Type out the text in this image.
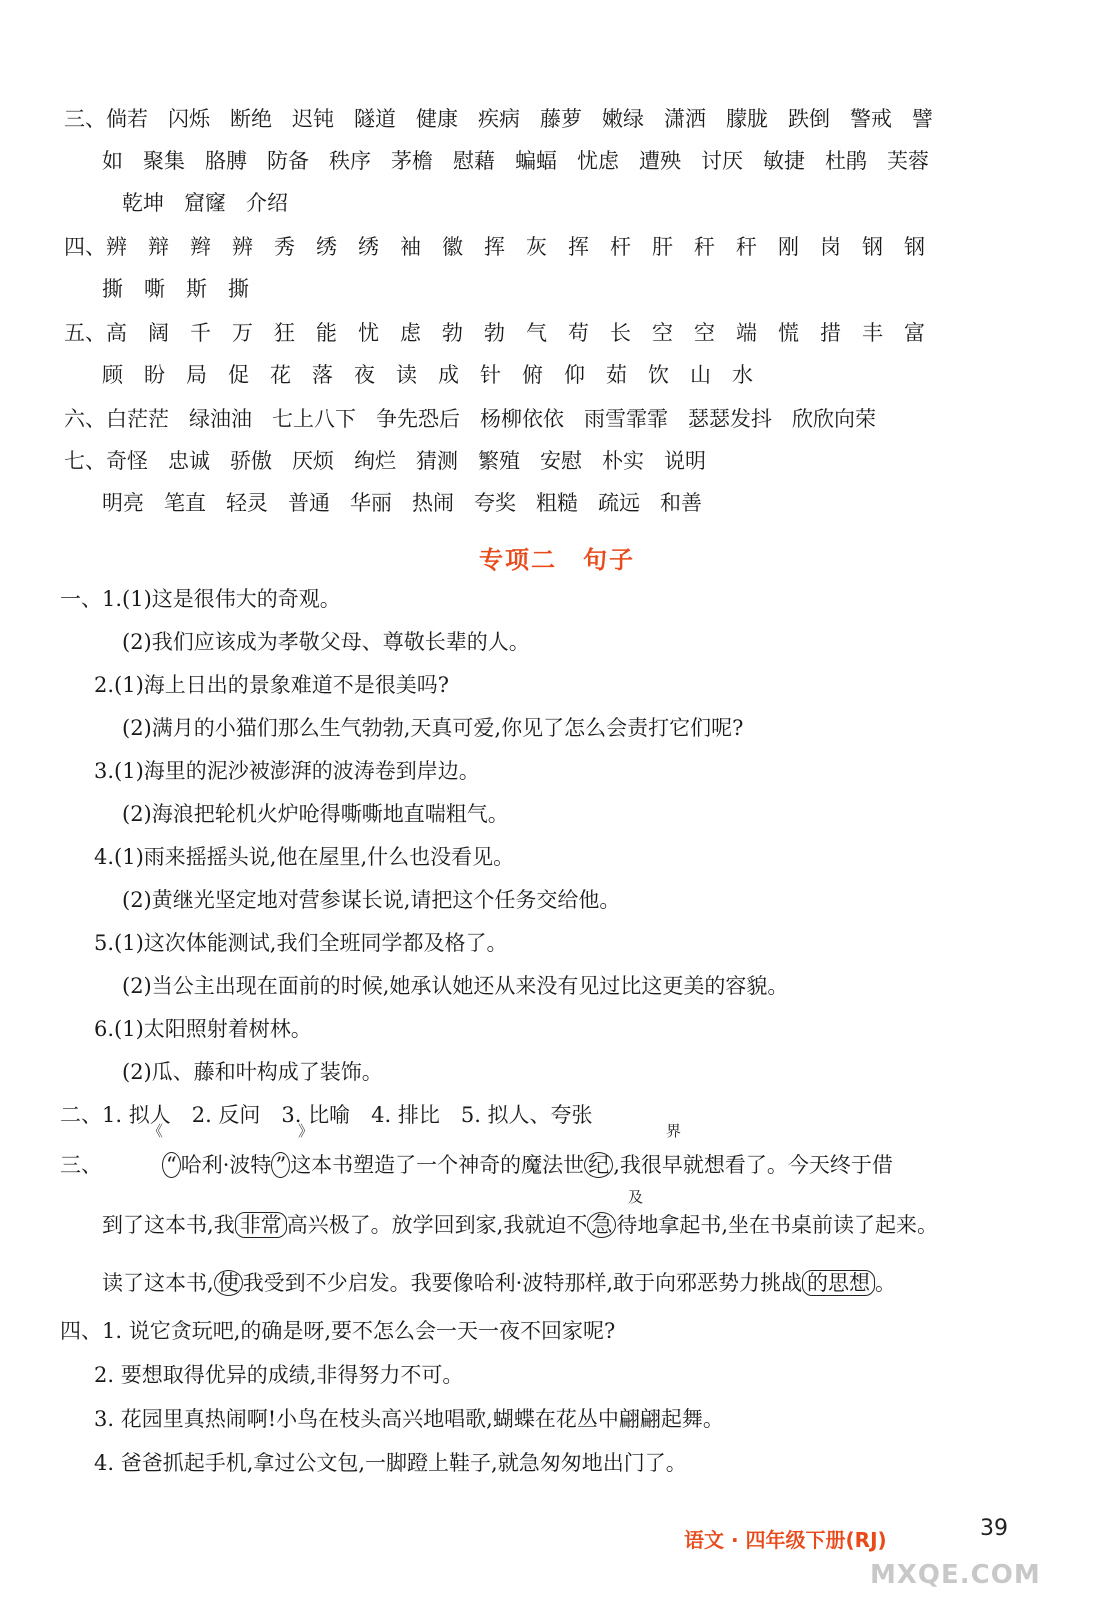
三、倘若 闪烁 断绝 迟钝 隧道 健康 疾病 藤萝 嫩绿 潇洒 朦胧 跌倒 警戒 譬
如 聚集 胳膊 防备 秩序 茅檐 慰藉 蝙蝠 忧虑 遭殃 讨厌 敏捷 杜鹃 芙蓉
乾坤 窟窿 介绍
四、辨 辩 辫 辨 秀 绣 绣 袖 徽 挥 灰 挥 杆 肝 秆 秆 刚 岗 钢 钢
撕 嘶 斯 撕
五、高 阔 千 万 狂 能 忧 虑 勃 勃 气 苟 长 空 空 端 慌 措 丰 富
顾 盼 局 促 花 落 夜 读 成 针 俯 仰 茹 饮 山 水
六、白茫茫 绿油油 七上八下 争先恐后 杨柳依依 雨雪霏霏 瑟瑟发抖 欣欣向荣
七、奇怪 忠诚 骄傲 厌烦 绚烂 猜测 繁殖 安慰 朴实 说明
明亮 笔直 轻灵 普通 华丽 热闹 夸奖 粗糙 疏远 和善
专项二　句子
一、1.(1)这是很伟大的奇观。
(2)我们应该成为孝敬父母、尊敬长辈的人。
2.(1)海上日出的景象难道不是很美吗?
(2)满月的小猫们那么生气勃勃,天真可爱,你见了怎么会责打它们呢?
3.(1)海里的泥沙被澎湃的波涛卷到岸边。
(2)海浪把轮机火炉呛得嘶嘶地直喘粗气。
4.(1)雨来摇摇头说,他在屋里,什么也没看见。
(2)黄继光坚定地对营参谋长说,请把这个任务交给他。
5.(1)这次体能测试,我们全班同学都及格了。
(2)当公主出现在面前的时候,她承认她还从来没有见过比这更美的容貌。
6.(1)太阳照射着树林。
(2)瓜、藤和叶构成了装饰。
二、1. 拟人　2. 反问　3. 比喻　4. 排比　5. 拟人、夸张
《	》	界
三、	“ 哈利·波特 ” 这本书塑造了一个神奇的魔法世 纪 ,我很早就想看了。今天终于借
及
到了这本书,我 非常 高兴极了。放学回到家,我就迫不 急 待地拿起书,坐在书桌前读了起来。
读了这本书, 使 我受到不少启发。我要像哈利·波特那样,敢于向邪恶势力挑战 的思想 。
四、1. 说它贪玩吧,的确是呀,要不怎么会一天一夜不回家呢?
2. 要想取得优异的成绩,非得努力不可。
3. 花园里真热闹啊!小鸟在枝头高兴地唱歌,蝴蝶在花丛中翩翩起舞。
4. 爸爸抓起手机,拿过公文包,一脚蹬上鞋子,就急匆匆地出门了。
语文 · 四年级下册(RJ)	39
MXQE.COM
